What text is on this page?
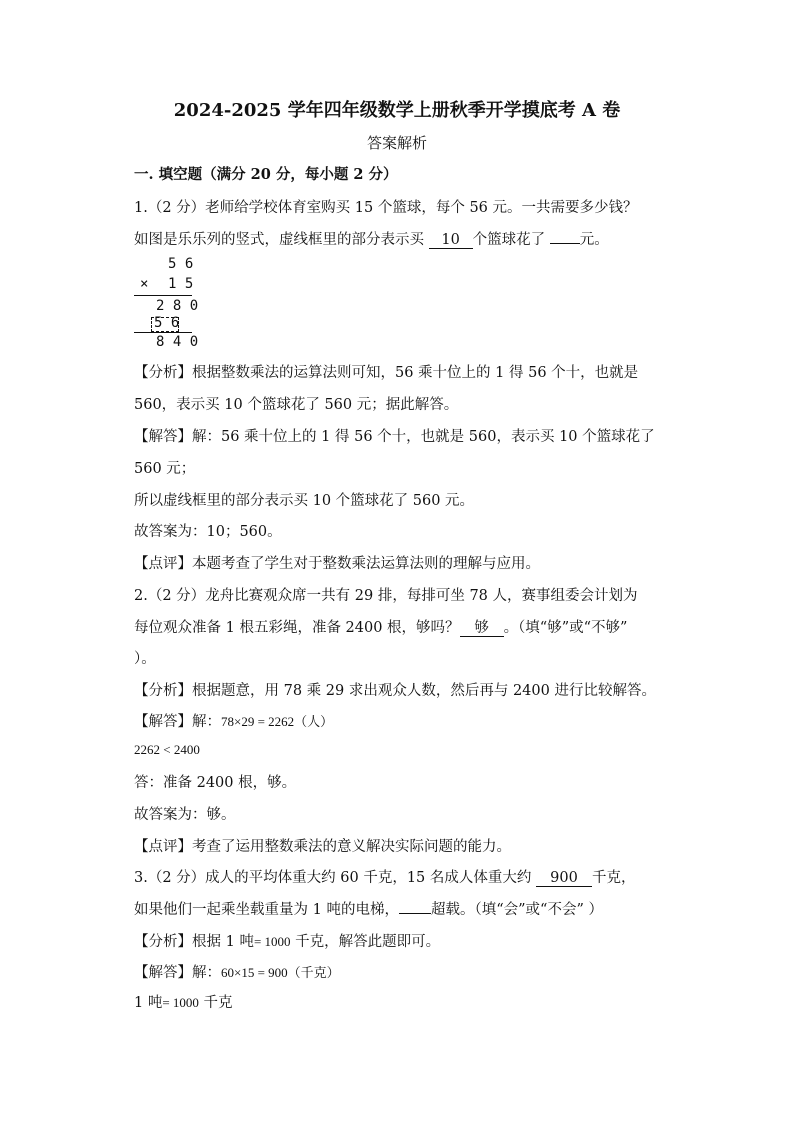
2024-2025 学年四年级数学上册秋季开学摸底考 A 卷
答案解析
一. 填空题（满分 20 分，每小题 2 分）
1.（2 分）老师给学校体育室购买 15 个篮球，每个 56 元。一共需要多少钱？
如图是乐乐列的竖式，虚线框里的部分表示买 10 个篮球花了 元。
5 6
× 1 5
2 8 0
5 6
8 4 0
【分析】根据整数乘法的运算法则可知，56 乘十位上的 1 得 56 个十，也就是
560，表示买 10 个篮球花了 560 元；据此解答。
【解答】解：56 乘十位上的 1 得 56 个十，也就是 560，表示买 10 个篮球花了
560 元；
所以虚线框里的部分表示买 10 个篮球花了 560 元。
故答案为：10；560。
【点评】本题考查了学生对于整数乘法运算法则的理解与应用。
2.（2 分）龙舟比赛观众席一共有 29 排，每排可坐 78 人，赛事组委会计划为
每位观众准备 1 根五彩绳，准备 2400 根，够吗？ 够 。（填“够”或“不够”
）。
【分析】根据题意，用 78 乘 29 求出观众人数，然后再与 2400 进行比较解答。
【解答】解：78×29 = 2262（人）
2262 < 2400
答：准备 2400 根，够。
故答案为：够。
【点评】考查了运用整数乘法的意义解决实际问题的能力。
3.（2 分）成人的平均体重大约 60 千克，15 名成人体重大约 900 千克，
如果他们一起乘坐载重量为 1 吨的电梯， 超载。（填“会”或“不会” ）
【分析】根据 1 吨= 1000 千克，解答此题即可。
【解答】解：60×15 = 900（千克）
1 吨= 1000 千克
